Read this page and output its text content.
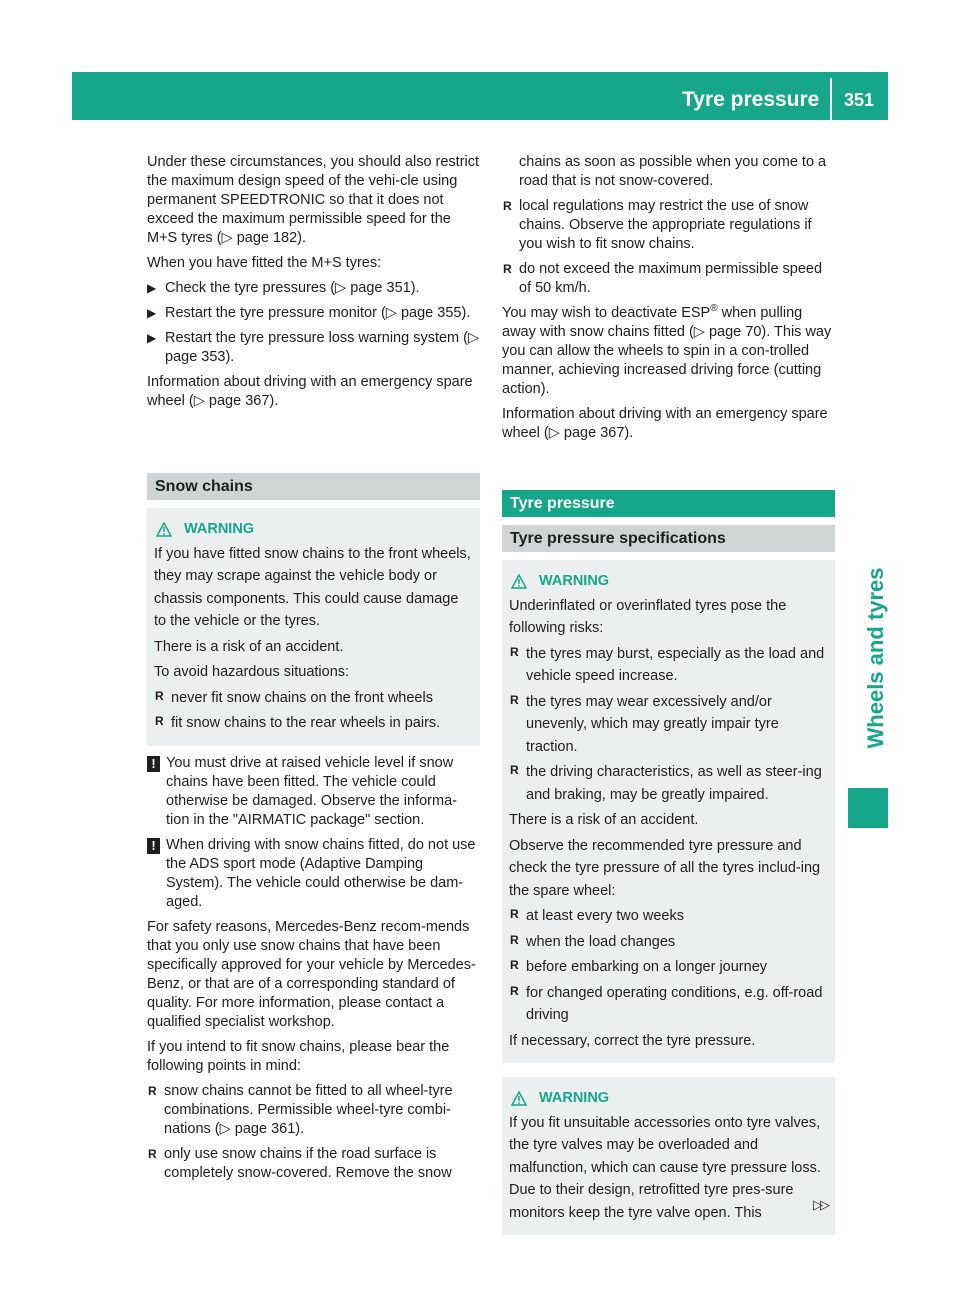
Tyre pressure 351
Wheels and tyres

Under these circumstances, you should also restrict the maximum design speed of the vehi-cle using permanent SPEEDTRONIC so that it does not exceed the maximum permissible speed for the M+S tyres (▷ page 182).

When you have fitted the M+S tyres:

▶ Check the tyre pressures (▷ page 351).
▶ Restart the tyre pressure monitor (▷ page 355).
▶ Restart the tyre pressure loss warning system (▷ page 353).

Information about driving with an emergency spare wheel (▷ page 367).

Snow chains
WARNING

If you have fitted snow chains to the front wheels, they may scrape against the vehicle body or chassis components. This could cause damage to the vehicle or the tyres.

There is a risk of an accident.

To avoid hazardous situations:

R never fit snow chains on the front wheels
R fit snow chains to the rear wheels in pairs.
! You must drive at raised vehicle level if snow chains have been fitted. The vehicle could otherwise be damaged. Observe the informa-tion in the "AIRMATIC package" section.
! When driving with snow chains fitted, do not use the ADS sport mode (Adaptive Damping System). The vehicle could otherwise be dam-aged.

For safety reasons, Mercedes-Benz recom-mends that you only use snow chains that have been specifically approved for your vehicle by Mercedes-Benz, or that are of a corresponding standard of quality. For more information, please contact a qualified specialist workshop.

If you intend to fit snow chains, please bear the following points in mind:

R snow chains cannot be fitted to all wheel-tyre combinations. Permissible wheel-tyre combi-nations (▷ page 361).
R only use snow chains if the road surface is completely snow-covered. Remove the snow

chains as soon as possible when you come to a road that is not snow-covered.

R local regulations may restrict the use of snow chains. Observe the appropriate regulations if you wish to fit snow chains.
R do not exceed the maximum permissible speed of 50 km/h.

You may wish to deactivate ESP® when pulling away with snow chains fitted (▷ page 70). This way you can allow the wheels to spin in a con-trolled manner, achieving increased driving force (cutting action).

Information about driving with an emergency spare wheel (▷ page 367).

Tyre pressure
Tyre pressure specifications
WARNING

Underinflated or overinflated tyres pose the following risks:

R the tyres may burst, especially as the load and vehicle speed increase.
R the tyres may wear excessively and/or unevenly, which may greatly impair tyre traction.
R the driving characteristics, as well as steer-ing and braking, may be greatly impaired.

There is a risk of an accident.

Observe the recommended tyre pressure and check the tyre pressure of all the tyres includ-ing the spare wheel:

R at least every two weeks
R when the load changes
R before embarking on a longer journey
R for changed operating conditions, e.g. off-road driving

If necessary, correct the tyre pressure.

WARNING

If you fit unsuitable accessories onto tyre valves, the tyre valves may be overloaded and malfunction, which can cause tyre pressure loss. Due to their design, retrofitted tyre pres-sure monitors keep the tyre valve open. This	▷▷
